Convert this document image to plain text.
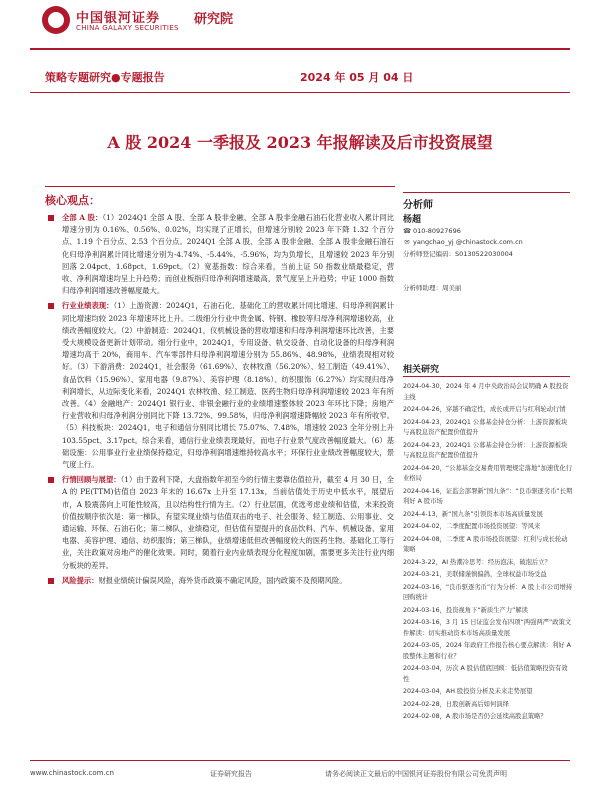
中国银河证券
CHINA GALAXY SECURITIES
研究院
策略专题研究●专题报告	2024 年 05 月 04 日
A 股 2024 一季报及 2023 年报解读及后市投资展望
核心观点：
全部 A 股：（1）2024Q1 全部 A 股、全部 A 股非金融、全部 A 股非金融石油石化营业收入累计同比增速分别为 0.16%、0.56%、0.02%，均实现了正增长，但增速分别较 2023 年下降 1.32 个百分点、1.19 个百分点、2.53 个百分点。2024Q1 全部 A 股、全部 A 股非金融、全部 A 股非金融石油石化归母净利润累计同比增速分别为-4.74%、-5.44%、-5.96%，均为负增长，且增速较 2023 年分别回落 2.04pct、1.68pct、1.69pct。（2）宽基指数：综合来看，当前上证 50 指数业绩最稳定，营收、净利润增速均呈上升趋势；而创业板指归母净利润增速最高，景气度呈上升趋势；中证 1000 指数归母净利润增速改善幅度最大。
行业业绩表现：（1）上游资源：2024Q1，石油石化、基础化工的营收累计同比增速、归母净利润累计同比增速均较 2023 年增速环比上升。二级细分行业中贵金属、特钢、橡胶等归母净利润增速较高，业绩改善幅度较大。（2）中游制造：2024Q1，仪机械设备的营收增速和归母净利润增速环比改善，主要受大规模设备更新计划带动。细分行业中，2024Q1，专用设备、轨交设备、自动化设备的归母净利润增速均高于 20%，商用车、汽车零部件归母净利润增速分别为 55.86%、48.98%，业绩表现相对较好。（3）下游消费：2024Q1，社会服务（61.69%）、农林牧渔（56.20%）、轻工制造（49.41%）、食品饮料（15.96%）、家用电器（9.87%）、美容护理（8.18%）、纺织服饰（6.27%）均实现归母净利润增长，从边际变化来看，2024Q1 农林牧渔、轻工制造、医药生物归母净利润增速较 2023 年有所改善。（4）金融地产：2024Q1 银行业、非银金融行业的业绩增速整体较 2023 年环比下降；房地产行业营收和归母净利润分别同比下降 13.72%、99.58%，归母净利润增速降幅较 2023 年有所收窄。（5）科技板块：2024Q1，电子和通信分别同比增长 75.07%、7.48%，增速较 2023 全年分别上升 103.55pct、3.17pct。综合来看，通信行业业绩表现最好，而电子行业景气度改善幅度最大。（6）基础设施：公用事业行业业绩保持稳定，归母净利润增速维持较高水平；环保行业业绩改善幅度较大，景气度上行。
行情回顾与展望：（1）由于盈利下降，大盘指数年初至今的行情主要靠估值拉升，截至 4 月 30 日，全 A 的 PE(TTM)估值自 2023 年末的 16.67x 上升至 17.13x，当前估值处于历史中低水平，展望后市，A 股震荡向上可能性较高，且以结构性行情为主。（2）行业层面，优选考虑业绩和估值，未来投资价值按顺序依次是：第一梯队，有望实现业绩与估值双击的电子、社会服务、轻工制造、公用事业、交通运输、环保、石油石化；第二梯队，业绩稳定，但估值有望提升的食品饮料、汽车、机械设备、家用电器、美容护理、通信、纺织服饰；第三梯队，业绩增速低但改善幅度较大的医药生物、基础化工等行业，关注政策对房地产的催化效果。同时，随着行业内业绩表现分化程度加剧，需要更多关注行业内细分板块的差异。
风险提示：财报业绩统计偏误风险，海外货币政策不确定风险，国内政策不及预期风险。
分析师
杨超
☎ 010-80927696
✉ yangchao_yj @chinastock.com.cn
分析师登记编码：S0130522030004
分析师助理：周美丽
相关研究
2024-04-30，2024 年 4 月中央政治局会议明确 A 股投资主线
2024-04-26，穿越不确定性，成长或开启与红利轮动行情
2024-04-23，2024Q1 公募基金持仓分析：上游资源板块与高股息资产配置价值提升
2024-04-23，2024Q1 公募基金持仓分析：上游资源板块与高股息资产配置价值提升
2024-04-20，“公募基金交易费用管理规定落地”加速优化行业格局
2024-04-16，证监会部署新“国九条”：“良币驱逐劣币”长期利好 A 股市场
2024-4-13，新“国九条”引领资本市场高质量发展
2024-04-02，二季度配置市场投资展望：等风来
2024-04-08，二季度 A 股市场投资展望：红利与成长轮动策略
2024-3-22，AI 热潮冷思考：经历泡沫，破泡后立？
2024-03-21，美联储谨慎偏鸽，全球权益市场受益
2024-03-16，“良币驱逐劣币”行为分析：A 股上市公司增持回购统计
2024-03-16，投资视角下“新质生产力”解读
2024-03-16，3 月 15 日证监会发布四项“两强两严”政策文件解读：切实推动资本市场高质量发展
2024-03-05，2024 年政府工作报告核心要点解读：利好 A 股整体主题和行业？
2024-03-04，历次 A 股估值底回顾：低估值策略投资有效性
2024-03-04，AH 股投资分析及未来走势展望
2024-02-28，日股创新高后如何演绎
2024-02-08，A 股市场是否仍会延续高股息策略？
www.chinastock.com.cn	证券研究报告	请务必阅读正文最后的中国银河证券股份有限公司免责声明
